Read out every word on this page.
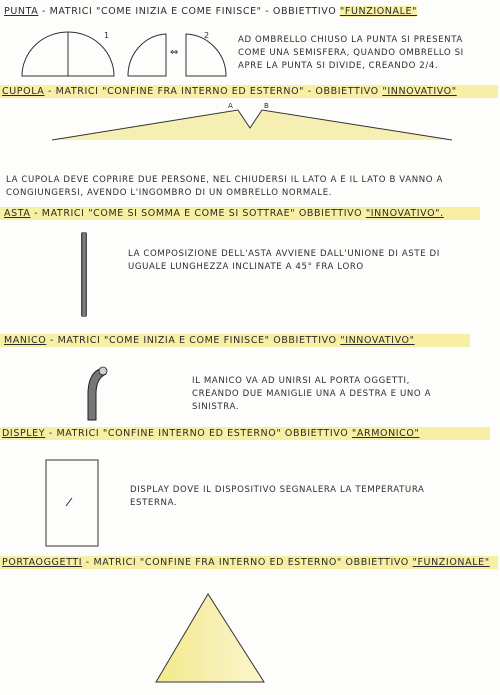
PUNTA - MATRICI "COME INIZIA E COME FINISCE" - OBBIETTIVO "FUNZIONALE"
AD OMBRELLO CHIUSO LA PUNTA SI PRESENTA COME UNA SEMISFERA, QUANDO OMBRELLO SI APRE LA PUNTA SI DIVIDE, CREANDO 2/4.
CUPOLA - MATRICI "CONFINE FRA INTERNO ED ESTERNO" - OBBIETTIVO "INNOVATIVO"
LA CUPOLA DEVE COPRIRE DUE PERSONE, NEL CHIUDERSI IL LATO A E IL LATO B VANNO A CONGIUNGERSI, AVENDO L'INGOMBRO DI UN OMBRELLO NORMALE.
ASTA - MATRICI "COME SI SOMMA E COME SI SOTTRAE" OBBIETTIVO "INNOVATIVO".
LA COMPOSIZIONE DELL'ASTA AVVIENE DALL'UNIONE DI ASTE DI UGUALE LUNGHEZZA INCLINATE A 45° FRA LORO
MANICO - MATRICI "COME INIZIA E COME FINISCE" OBBIETTIVO "INNOVATIVO"
IL MANICO VA AD UNIRSI AL PORTA OGGETTI, CREANDO DUE MANIGLIE UNA A DESTRA E UNO A SINISTRA.
DISPLEY - MATRICI "CONFINE INTERNO ED ESTERNO" OBBIETTIVO "ARMONICO"
DISPLAY DOVE IL DISPOSITIVO SEGNALERA LA TEMPERATURA ESTERNA.
PORTAOGGETTI - MATRICI "CONFINE FRA INTERNO ED ESTERNO" OBBIETTIVO "FUNZIONALE"
1	2
⇔
A	B
